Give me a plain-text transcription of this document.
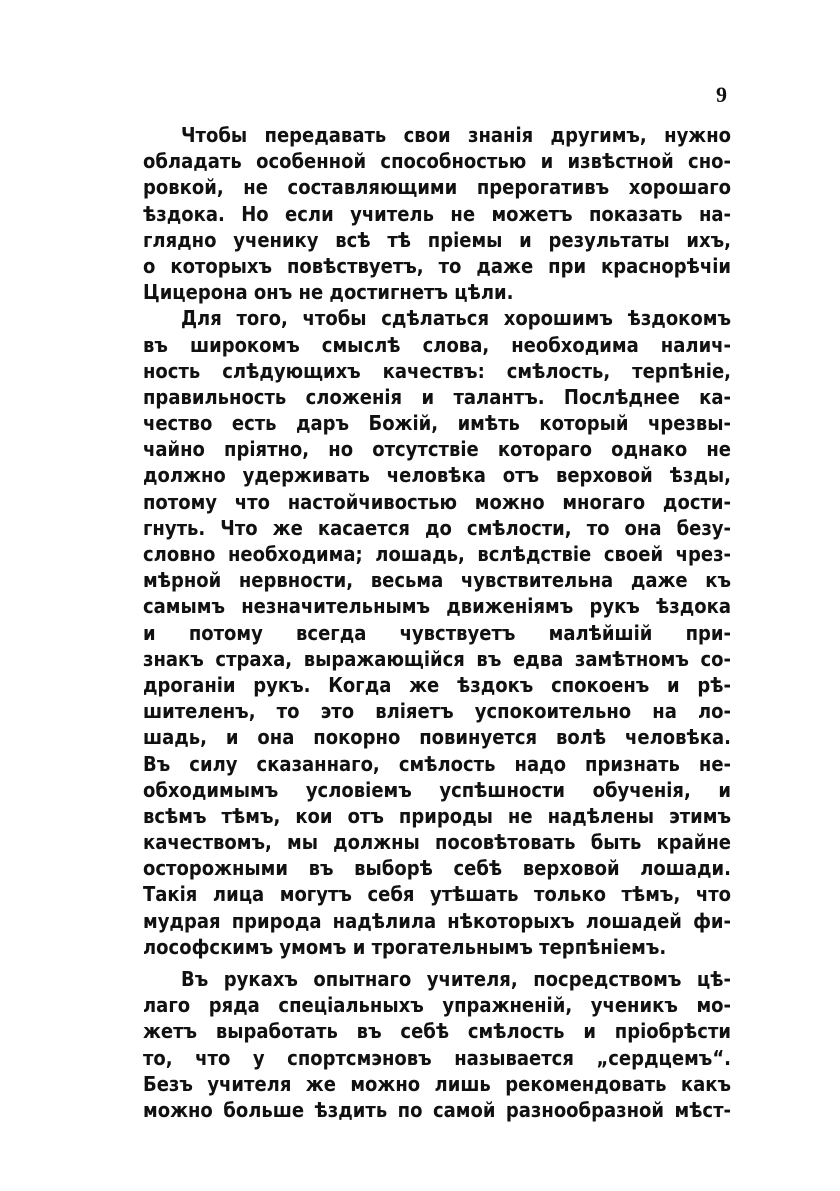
9
Чтобы передавать свои знанія другимъ, нужно
обладать особенной способностью и извѣстной сно-
ровкой, не составляющими прерогативъ хорошаго
ѣздока. Но если учитель не можетъ показать на-
глядно ученику всѣ тѣ пріемы и результаты ихъ,
о которыхъ повѣствуетъ, то даже при краснорѣчіи
Цицерона онъ не достигнетъ цѣли.
Для того, чтобы сдѣлаться хорошимъ ѣздокомъ
въ широкомъ смыслѣ слова, необходима налич-
ность слѣдующихъ качествъ: смѣлость, терпѣніе,
правильность сложенія и талантъ. Послѣднее ка-
чество есть даръ Божій, имѣть который чрезвы-
чайно пріятно, но отсутствіе котораго однако не
должно удерживать человѣка отъ верховой ѣзды,
потому что настойчивостью можно многаго дости-
гнуть. Что же касается до смѣлости, то она безу-
словно необходима; лошадь, вслѣдствіе своей чрез-
мѣрной нервности, весьма чувствительна даже къ
самымъ незначительнымъ движеніямъ рукъ ѣздока
и потому всегда чувствуетъ малѣйшій при-
знакъ страха, выражающійся въ едва замѣтномъ со-
дроганіи рукъ. Когда же ѣздокъ спокоенъ и рѣ-
шителенъ, то это вліяетъ успокоительно на ло-
шадь, и она покорно повинуется волѣ человѣка.
Въ силу сказаннаго, смѣлость надо признать не-
обходимымъ условіемъ успѣшности обученія, и
всѣмъ тѣмъ, кои отъ природы не надѣлены этимъ
качествомъ, мы должны посовѣтовать быть крайне
осторожными въ выборѣ себѣ верховой лошади.
Такія лица могутъ себя утѣшать только тѣмъ, что
мудрая природа надѣлила нѣкоторыхъ лошадей фи-
лософскимъ умомъ и трогательнымъ терпѣніемъ.
Въ рукахъ опытнаго учителя, посредствомъ цѣ-
лаго ряда спеціальныхъ упражненій, ученикъ мо-
жетъ выработать въ себѣ смѣлость и пріобрѣсти
то, что у спортсмэновъ называется „сердцемъ“.
Безъ учителя же можно лишь рекомендовать какъ
можно больше ѣздить по самой разнообразной мѣст-
